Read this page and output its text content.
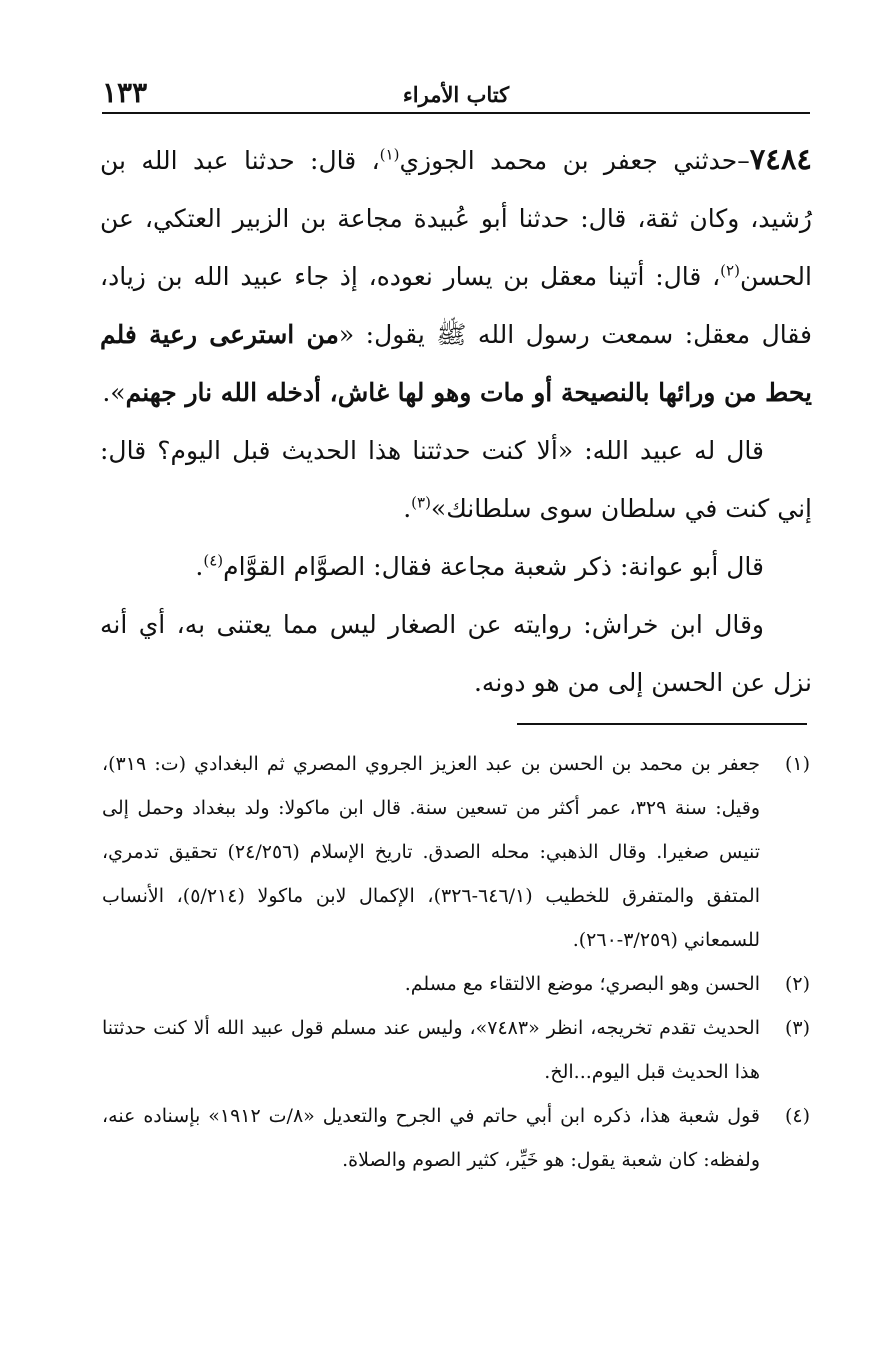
١٣٣	كتاب الأمراء

٧٤٨٤–حدثني جعفر بن محمد الجوزي$^{(١)}$، قال: حدثنا عبد الله بن رُشيد، وكان ثقة، قال: حدثنا أبو عُبيدة مجاعة بن الزبير العتكي، عن الحسن$^{(٢)}$، قال: أتينا معقل بن يسار نعوده، إذ جاء عبيد الله بن زياد، فقال معقل: سمعت رسول الله ﷺ يقول: «من استرعى رعية فلم يحط من ورائها بالنصيحة أو مات وهو لها غاش، أدخله الله نار جهنم».

قال له عبيد الله: «ألا كنت حدثتنا هذا الحديث قبل اليوم؟ قال: إني كنت في سلطان سوى سلطانك»$^{(٣)}$.

قال أبو عوانة: ذكر شعبة مجاعة فقال: الصوَّام القوَّام$^{(٤)}$.

وقال ابن خراش: روايته عن الصغار ليس مما يعتنى به، أي أنه نزل عن الحسن إلى من هو دونه.

(١)
جعفر بن محمد بن الحسن بن عبد العزيز الجروي المصري ثم البغدادي (ت: ٣١٩)، وقيل: سنة ٣٢٩، عمر أكثر من تسعين سنة. قال ابن ماكولا: ولد ببغداد وحمل إلى تنيس صغيرا. وقال الذهبي: محله الصدق. تاريخ الإسلام (٢٤/٢٥٦) تحقيق تدمري، المتفق والمتفرق للخطيب (٦٤٦/١-٣٢٦)، الإكمال لابن ماكولا (٥/٢١٤)، الأنساب للسمعاني (٣/٢٥٩-٢٦٠).
(٢)
الحسن وهو البصري؛ موضع الالتقاء مع مسلم.
(٣)
الحديث تقدم تخريجه، انظر «٧٤٨٣»، وليس عند مسلم قول عبيد الله ألا كنت حدثتنا هذا الحديث قبل اليوم...الخ.
(٤)
قول شعبة هذا، ذكره ابن أبي حاتم في الجرح والتعديل «٨/ت ١٩١٢» بإسناده عنه، ولفظه: كان شعبة يقول: هو خَيِّر، كثير الصوم والصلاة.
